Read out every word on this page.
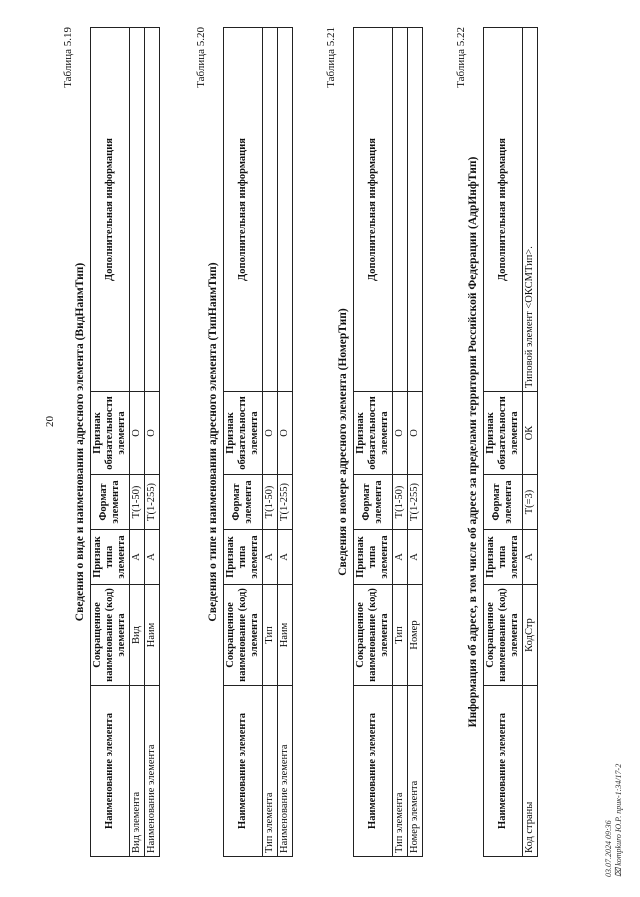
20
Таблица 5.19
Сведения о виде и наименовании адресного элемента (ВидНаимТип)
Наименование элемента	Сокращенное наименование (код) элемента	Признак типа элемента	Формат элемента	Признак обязательности элемента	Дополнительная информация
Вид элемента	Вид	А	Т(1-50)	О	
Наименование элемента	Наим	А	Т(1-255)	О	
Таблица 5.20
Сведения о типе и наименовании адресного элемента (ТипНаимТип)
Наименование элемента	Сокращенное наименование (код) элемента	Признак типа элемента	Формат элемента	Признак обязательности элемента	Дополнительная информация
Тип элемента	Тип	А	Т(1-50)	О	
Наименование элемента	Наим	А	Т(1-255)	О	
Таблица 5.21
Сведения о номере адресного элемента (НомерТип)
Наименование элемента	Сокращенное наименование (код) элемента	Признак типа элемента	Формат элемента	Признак обязательности элемента	Дополнительная информация
Тип элемента	Тип	А	Т(1-50)	О	
Номер элемента	Номер	А	Т(1-255)	О	
Таблица 5.22
Информация об адресе, в том числе об адресе за пределами территории Российской Федерации (АдрИнфТип)
Наименование элемента	Сокращенное наименование (код) элемента	Признак типа элемента	Формат элемента	Признак обязательности элемента	Дополнительная информация
Код страны	КодСтр	А	Т(=3)	ОК	Типовой элемент <ОКСМТип>.
03.07.2024 09:36 ⌧ kompkuro Ю.Р. прик-1:34/17-2
